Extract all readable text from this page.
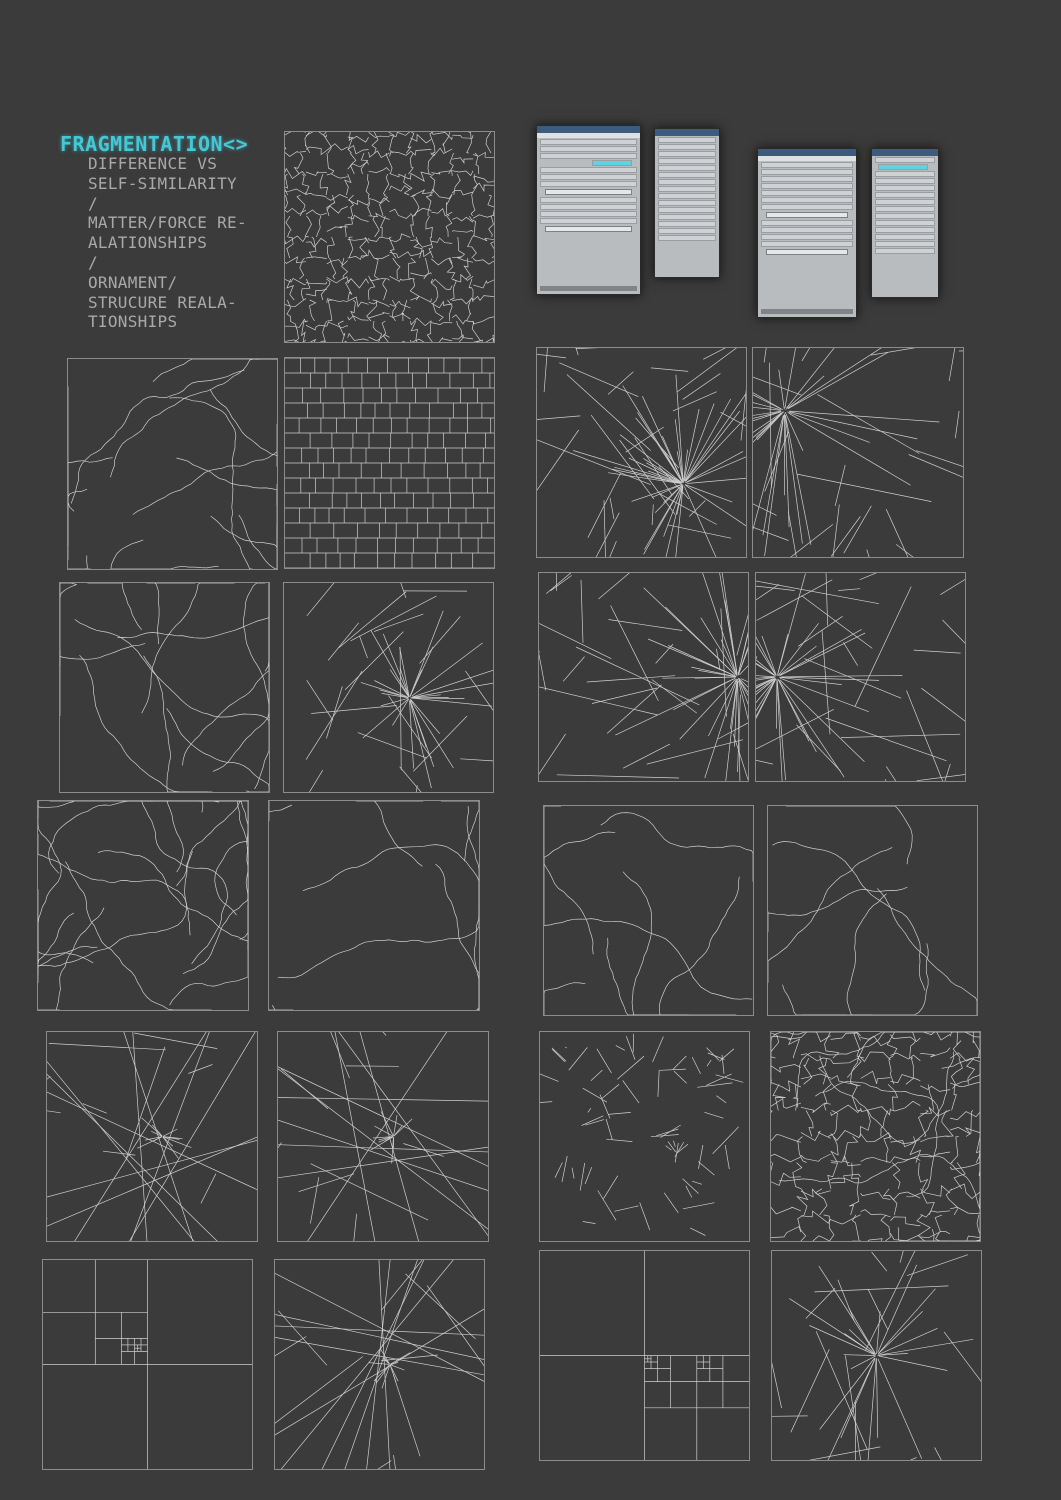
FRAGMENTATION<>
DIFFERENCE VS
SELF-SIMILARITY
/
MATTER/FORCE RE-
ALATIONSHIPS
/
ORNAMENT/
STRUCURE REALA-
TIONSHIPS
